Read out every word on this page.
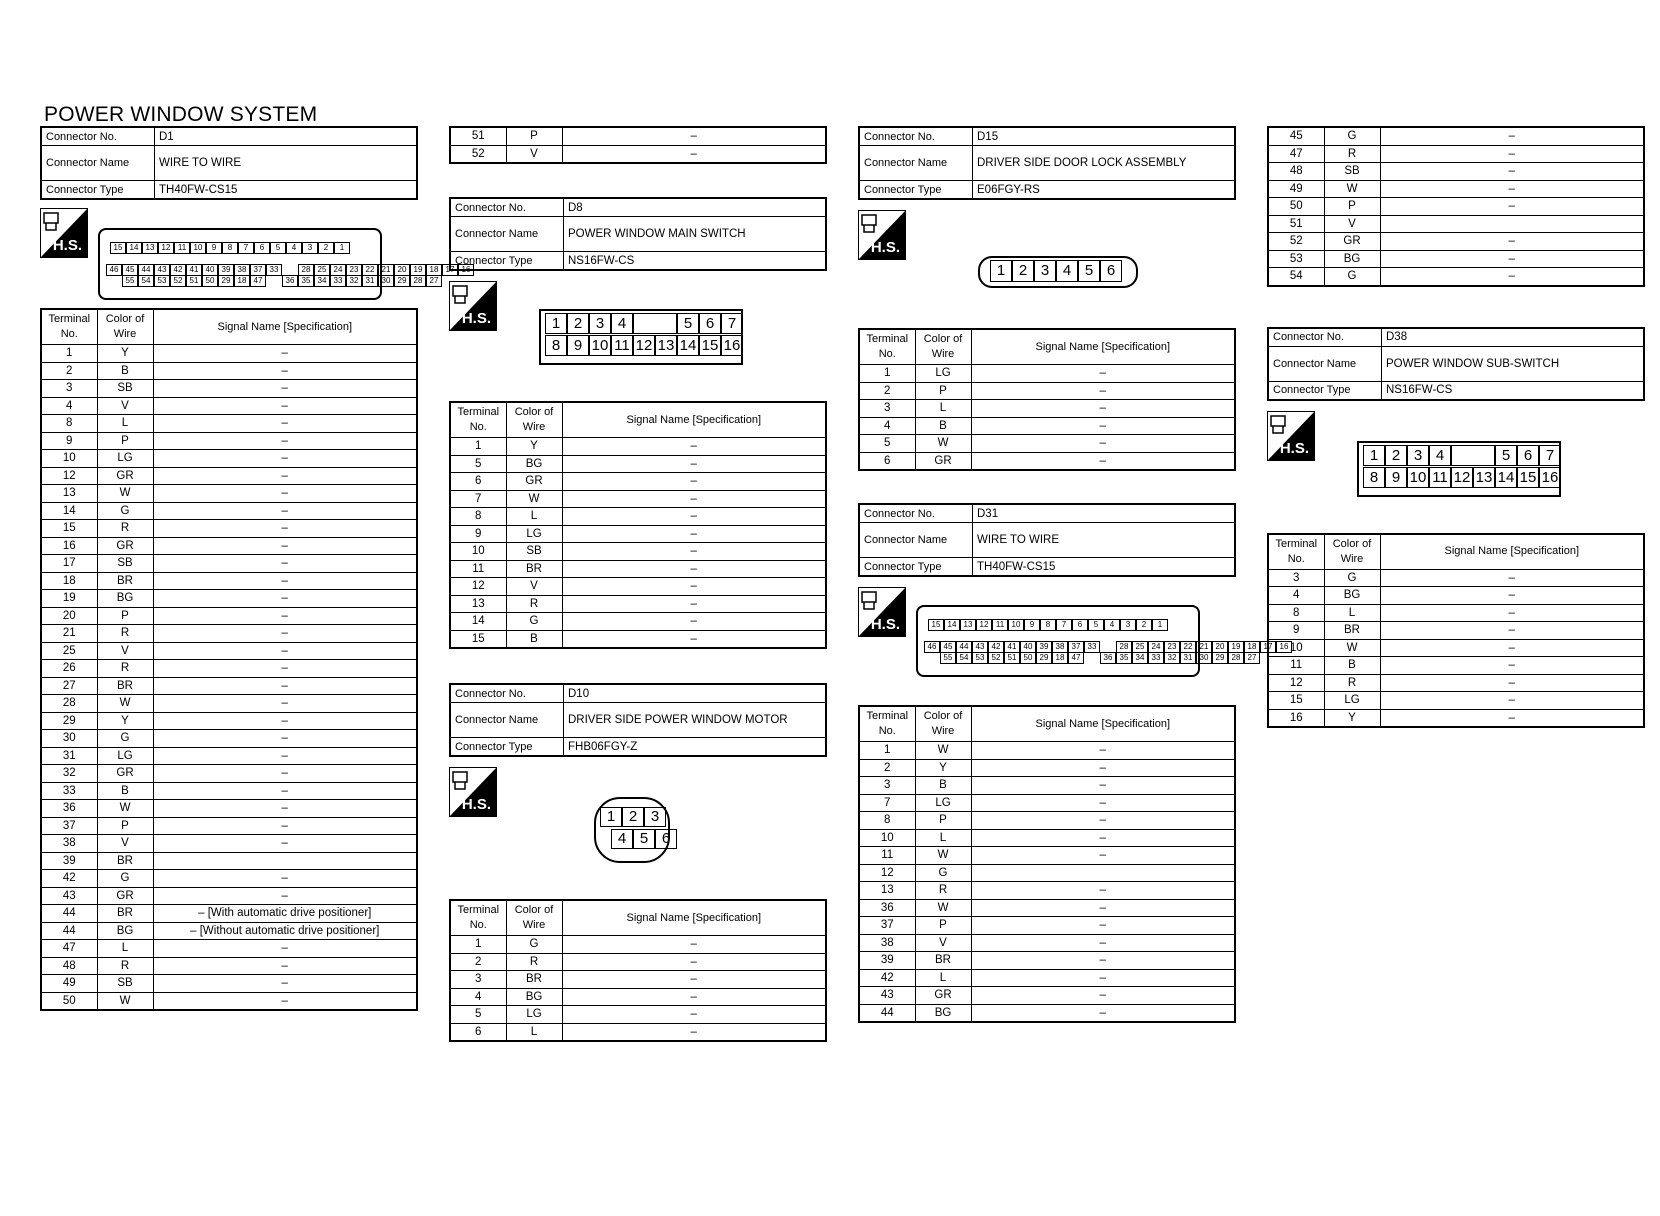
POWER WINDOW SYSTEM
Connector No.	D1
Connector Name	WIRE TO WIRE
Connector Type	TH40FW-CS15
H.S.	15 14 13 12 11 10	9	8	7	6	5	4	3	2	1
46 45 44 43 42 41 40 39 38 37 33	28 25 24 23 22 21 20 19 18 17 16
55 54 53 52 51 50 29 18 47	36 35 34 33 32 31 30 29 28 27
Terminal No.	Color of Wire	Signal Name [Specification]
1	Y	–
2	B	–
3	SB	–
4	V	–
8	L	–
9	P	–
10	LG	–
12	GR	–
13	W	–
14	G	–
15	R	–
16	GR	–
17	SB	–
18	BR	–
19	BG	–
20	P	–
21	R	–
25	V	–
26	R	–
27	BR	–
28	W	–
29	Y	–
30	G	–
31	LG	–
32	GR	–
33	B	–
36	W	–
37	P	–
38	V	–
39	BR	
42	G	–
43	GR	–
44	BR	– [With automatic drive positioner]
44	BG	– [Without automatic drive positioner]
47	L	–
48	R	–
49	SB	–
50	W	–
51	P	–
52	V	–
Connector No.	D8
Connector Name	POWER WINDOW MAIN SWITCH
Connector Type	NS16FW-CS
H.S.	1 2 3 4	5 6 7
8 9 10 11 12 13 14 15 16
Terminal No.	Color of Wire	Signal Name [Specification]
1	Y	–
5	BG	–
6	GR	–
7	W	–
8	L	–
9	LG	–
10	SB	–
11	BR	–
12	V	–
13	R	–
14	G	–
15	B	–
Connector No.	D10
Connector Name	DRIVER SIDE POWER WINDOW MOTOR
Connector Type	FHB06FGY-Z
H.S.
1 2 3
4 5 6
Terminal No.	Color of Wire	Signal Name [Specification]
1	G	–
2	R	–
3	BR	–
4	BG	–
5	LG	–
6	L	–
Connector No.	D15
Connector Name	DRIVER SIDE DOOR LOCK ASSEMBLY
Connector Type	E06FGY-RS
H.S.
1 2 3 4 5 6
Terminal No.	Color of Wire	Signal Name [Specification]
1	LG	–
2	P	–
3	L	–
4	B	–
5	W	–
6	GR	–
Connector No.	D31
Connector Name	WIRE TO WIRE
Connector Type	TH40FW-CS15
H.S.	15 14 13 12 11 10	9	8	7	6	5	4	3	2	1
46 45 44 43 42 41 40 39 38 37 33	28 25 24 23 22 21 20 19 18 17 16
55 54 53 52 51 50 29 18 47	36 35 34 33 32 31 30 29 28 27
Terminal No.	Color of Wire	Signal Name [Specification]
1	W	–
2	Y	–
3	B	–
7	LG	–
8	P	–
10	L	–
11	W	–
12	G	
13	R	–
36	W	–
37	P	–
38	V	–
39	BR	–
42	L	–
43	GR	–
44	BG	–
45	G	–
47	R	–
48	SB	–
49	W	–
50	P	–
51	V	
52	GR	–
53	BG	–
54	G	–
Connector No.	D38
Connector Name	POWER WINDOW SUB-SWITCH
Connector Type	NS16FW-CS
H.S.	1 2 3 4	5 6 7
8 9 10 11 12 13 14 15 16
Terminal No.	Color of Wire	Signal Name [Specification]
3	G	–
4	BG	–
8	L	–
9	BR	–
10	W	–
11	B	–
12	R	–
15	LG	–
16	Y	–
